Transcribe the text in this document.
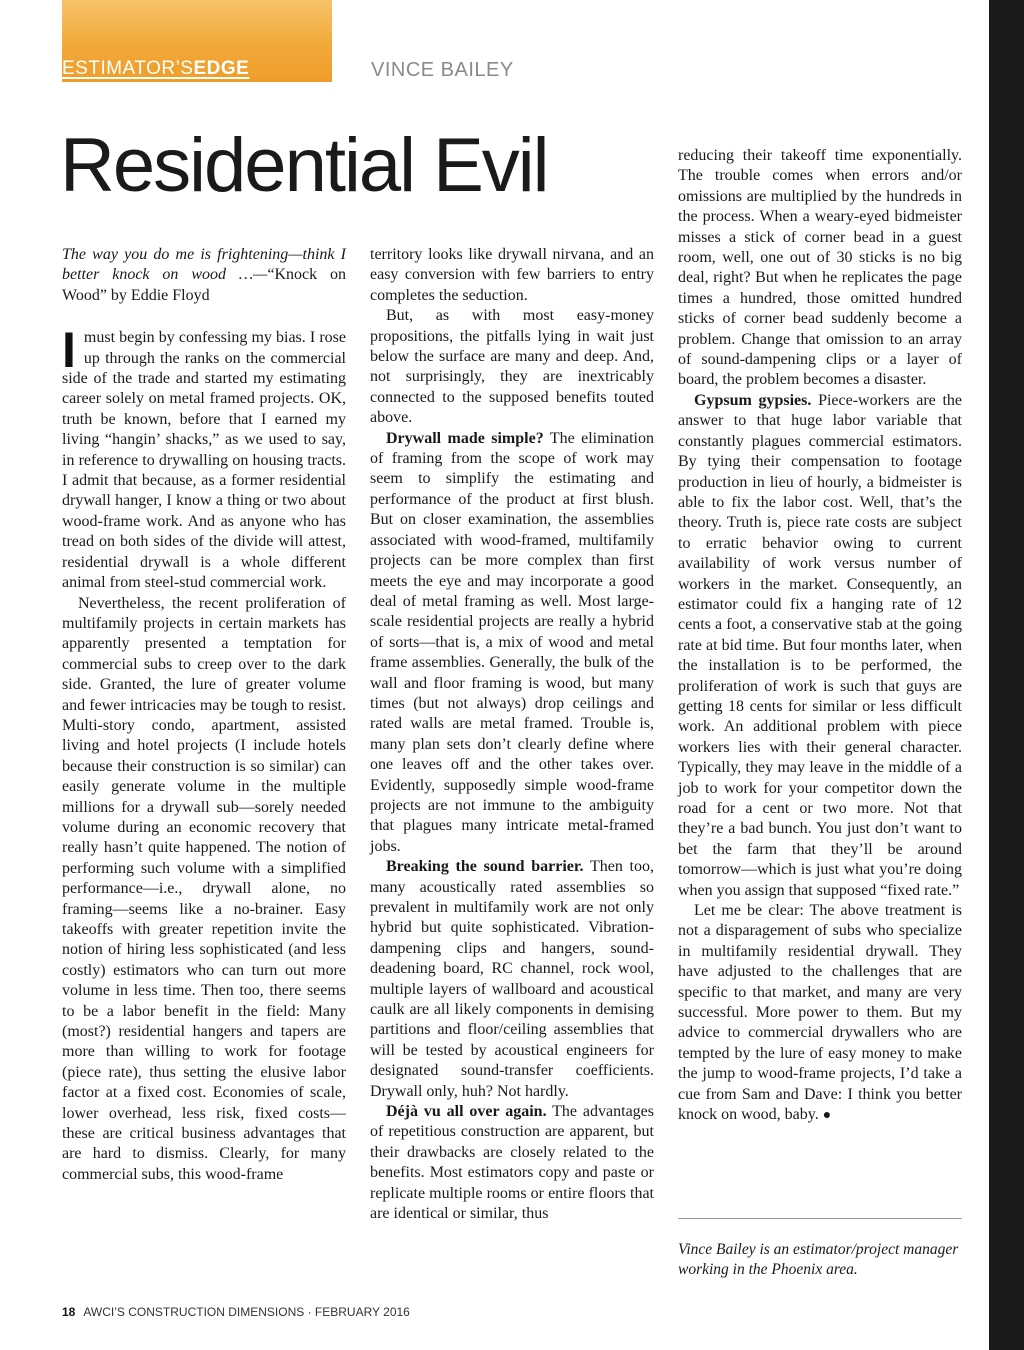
ESTIMATOR’SEDGE	VINCE BAILEY
Residential Evil

The way you do me is frightening—think I better knock on wood …—“Knock on Wood” by Eddie Floyd

Imust begin by confessing my bias. I rose up through the ranks on the commercial side of the trade and started my estimating career solely on metal framed projects. OK, truth be known, before that I earned my living “hangin’ shacks,” as we used to say, in reference to drywalling on housing tracts. I admit that because, as a former residential drywall hanger, I know a thing or two about wood-frame work. And as anyone who has tread on both sides of the divide will attest, residential drywall is a whole different animal from steel-stud commercial work.

Nevertheless, the recent proliferation of multifamily projects in certain markets has apparently presented a temptation for commercial subs to creep over to the dark side. Granted, the lure of greater volume and fewer intricacies may be tough to resist. Multi-story condo, apartment, assisted living and hotel projects (I include hotels because their construction is so similar) can easily generate volume in the multiple millions for a drywall sub—sorely needed volume during an economic recovery that really hasn’t quite happened. The notion of performing such volume with a simplified performance—i.e., drywall alone, no framing—seems like a no-brainer. Easy takeoffs with greater repetition invite the notion of hiring less sophisticated (and less costly) estimators who can turn out more volume in less time. Then too, there seems to be a labor benefit in the field: Many (most?) residential hangers and tapers are more than willing to work for footage (piece rate), thus setting the elusive labor factor at a fixed cost. Economies of scale, lower overhead, less risk, fixed costs—these are critical business advantages that are hard to dismiss. Clearly, for many commercial subs, this wood-frame

territory looks like drywall nirvana, and an easy conversion with few barriers to entry completes the seduction.

But, as with most easy-money propositions, the pitfalls lying in wait just below the surface are many and deep. And, not surprisingly, they are inextricably connected to the supposed benefits touted above.

Drywall made simple? The elimination of framing from the scope of work may seem to simplify the estimating and performance of the product at first blush. But on closer examination, the assemblies associated with wood-framed, multifamily projects can be more complex than first meets the eye and may incorporate a good deal of metal framing as well. Most large-scale residential projects are really a hybrid of sorts—that is, a mix of wood and metal frame assemblies. Generally, the bulk of the wall and floor framing is wood, but many times (but not always) drop ceilings and rated walls are metal framed. Trouble is, many plan sets don’t clearly define where one leaves off and the other takes over. Evidently, supposedly simple wood-frame projects are not immune to the ambiguity that plagues many intricate metal-framed jobs.

Breaking the sound barrier. Then too, many acoustically rated assemblies so prevalent in multifamily work are not only hybrid but quite sophisticated. Vibration-dampening clips and hangers, sound-deadening board, RC channel, rock wool, multiple layers of wallboard and acoustical caulk are all likely components in demising partitions and floor/ceiling assemblies that will be tested by acoustical engineers for designated sound-transfer coefficients. Drywall only, huh? Not hardly.

Déjà vu all over again. The advantages of repetitious construction are apparent, but their drawbacks are closely related to the benefits. Most estimators copy and paste or replicate multiple rooms or entire floors that are identical or similar, thus

reducing their takeoff time exponentially. The trouble comes when errors and/or omissions are multiplied by the hundreds in the process. When a weary-eyed bidmeister misses a stick of corner bead in a guest room, well, one out of 30 sticks is no big deal, right? But when he replicates the page times a hundred, those omitted hundred sticks of corner bead suddenly become a problem. Change that omission to an array of sound-dampening clips or a layer of board, the problem becomes a disaster.

Gypsum gypsies. Piece-workers are the answer to that huge labor variable that constantly plagues commercial estimators. By tying their compensation to footage production in lieu of hourly, a bidmeister is able to fix the labor cost. Well, that’s the theory. Truth is, piece rate costs are subject to erratic behavior owing to current availability of work versus number of workers in the market. Consequently, an estimator could fix a hanging rate of 12 cents a foot, a conservative stab at the going rate at bid time. But four months later, when the installation is to be performed, the proliferation of work is such that guys are getting 18 cents for similar or less difficult work. An additional problem with piece workers lies with their general character. Typically, they may leave in the middle of a job to work for your competitor down the road for a cent or two more. Not that they’re a bad bunch. You just don’t want to bet the farm that they’ll be around tomorrow—which is just what you’re doing when you assign that supposed “fixed rate.”

Let me be clear: The above treatment is not a disparagement of subs who specialize in multifamily residential drywall. They have adjusted to the challenges that are specific to that market, and many are very successful. More power to them. But my advice to commercial drywallers who are tempted by the lure of easy money to make the jump to wood-frame projects, I’d take a cue from Sam and Dave: I think you better knock on wood, baby. ●

Vince Bailey is an estimator/project manager working in the Phoenix area.

18 AWCI’S CONSTRUCTION DIMENSIONS · FEBRUARY 2016
